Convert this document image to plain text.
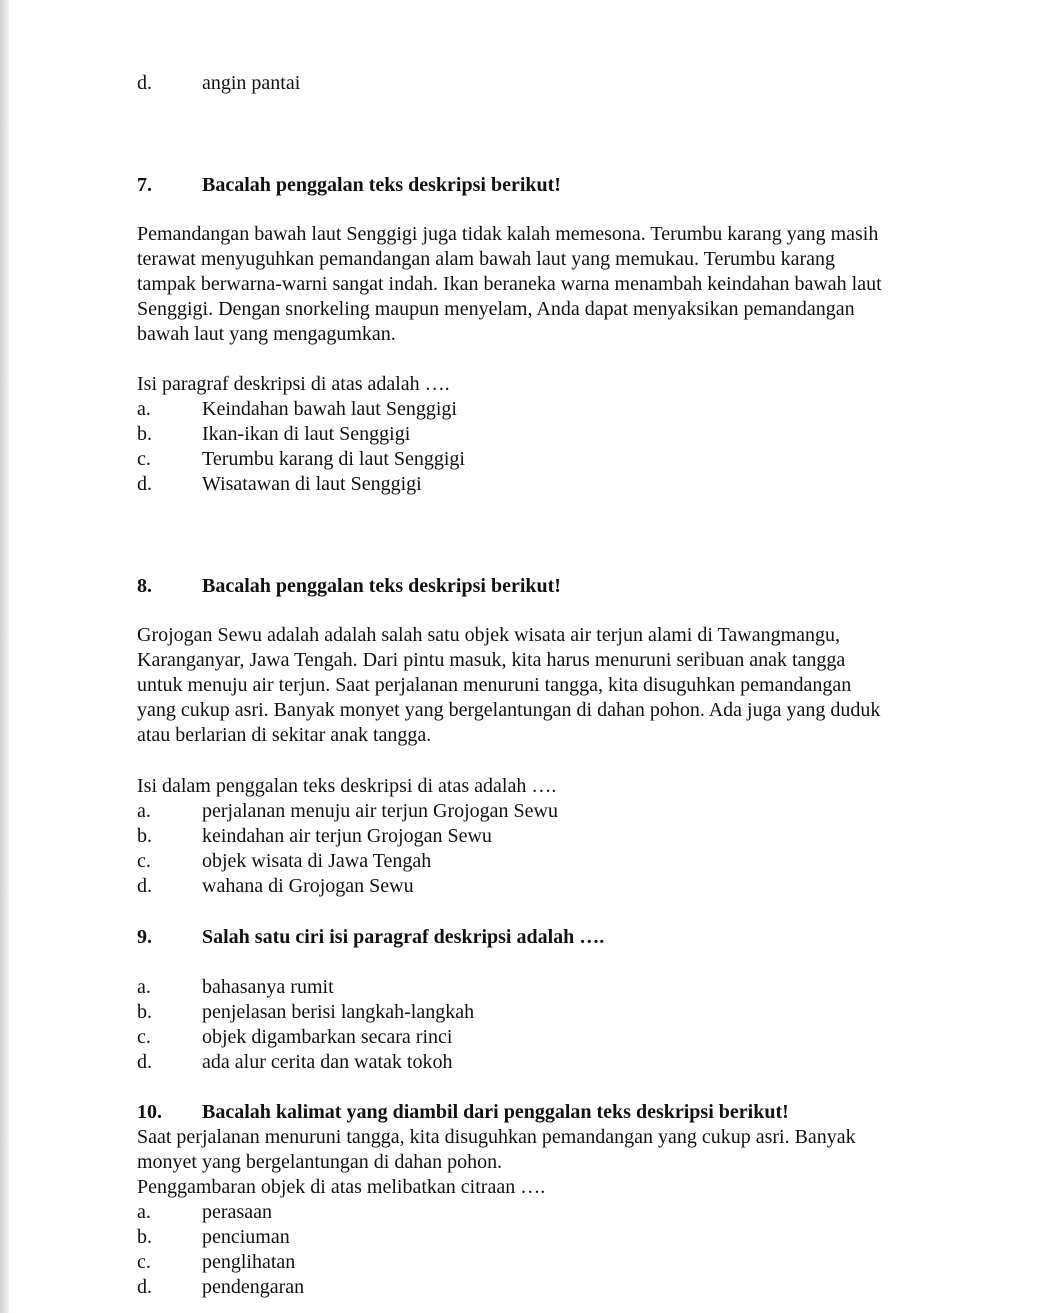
d.	angin pantai
7.	Bacalah penggalan teks deskripsi berikut!

Pemandangan bawah laut Senggigi juga tidak kalah memesona. Terumbu karang yang masih

terawat menyuguhkan pemandangan alam bawah laut yang memukau. Terumbu karang

tampak berwarna-warni sangat indah. Ikan beraneka warna menambah keindahan bawah laut

Senggigi. Dengan snorkeling maupun menyelam, Anda dapat menyaksikan pemandangan

bawah laut yang mengagumkan.

Isi paragraf deskripsi di atas adalah ….
a.	Keindahan bawah laut Senggigi
b.	Ikan-ikan di laut Senggigi
c.	Terumbu karang di laut Senggigi
d.	Wisatawan di laut Senggigi
8.	Bacalah penggalan teks deskripsi berikut!

Grojogan Sewu adalah adalah salah satu objek wisata air terjun alami di Tawangmangu,

Karanganyar, Jawa Tengah. Dari pintu masuk, kita harus menuruni seribuan anak tangga

untuk menuju air terjun. Saat perjalanan menuruni tangga, kita disuguhkan pemandangan

yang cukup asri. Banyak monyet yang bergelantungan di dahan pohon. Ada juga yang duduk

atau berlarian di sekitar anak tangga.

Isi dalam penggalan teks deskripsi di atas adalah ….
a.	perjalanan menuju air terjun Grojogan Sewu
b.	keindahan air terjun Grojogan Sewu
c.	objek wisata di Jawa Tengah
d.	wahana di Grojogan Sewu
9.	Salah satu ciri isi paragraf deskripsi adalah ….
a.	bahasanya rumit
b.	penjelasan berisi langkah-langkah
c.	objek digambarkan secara rinci
d.	ada alur cerita dan watak tokoh
10. Bacalah kalimat yang diambil dari penggalan teks deskripsi berikut!

Saat perjalanan menuruni tangga, kita disuguhkan pemandangan yang cukup asri. Banyak

monyet yang bergelantungan di dahan pohon.

Penggambaran objek di atas melibatkan citraan ….
a.	perasaan
b.	penciuman
c.	penglihatan
d.	pendengaran
